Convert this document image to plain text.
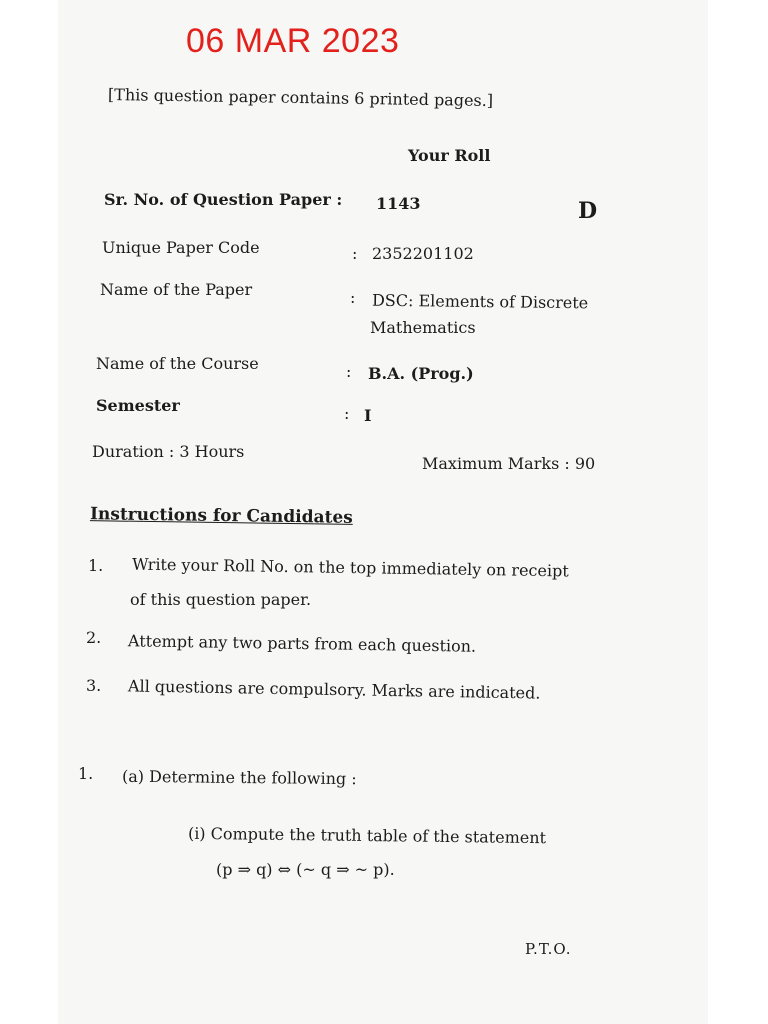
06 MAR 2023
[This question paper contains 6 printed pages.]
Your Roll
Sr. No. of Question Paper : 1143	D
Unique Paper Code	: 2352201102
Name of the Paper	: DSC: Elements of Discrete
Mathematics
Name of the Course	: B.A. (Prog.)
Semester	: I
Duration : 3 Hours
Maximum Marks : 90
Instructions for Candidates
1. Write your Roll No. on the top immediately on receipt
of this question paper.
2. Attempt any two parts from each question.
3. All questions are compulsory. Marks are indicated.
1. (a) Determine the following :
(i) Compute the truth table of the statement
(p ⇒ q) ⇔ (~ q ⇒ ~ p).
P.T.O.
